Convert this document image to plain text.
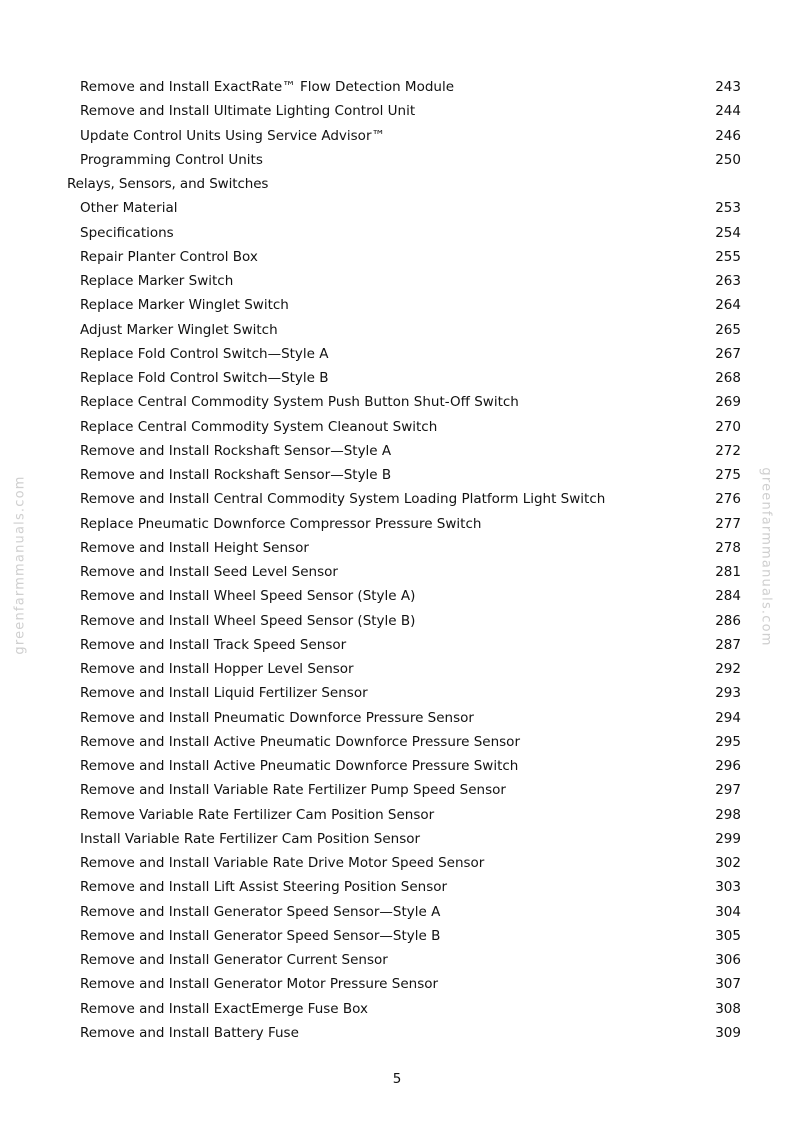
greenfarmmanuals.com	greenfarmmanuals.com
Remove and Install ExactRate™ Flow Detection Module	243
Remove and Install Ultimate Lighting Control Unit	244
Update Control Units Using Service Advisor™	246
Programming Control Units	250
Relays, Sensors, and Switches
Other Material	253
Specifications	254
Repair Planter Control Box	255
Replace Marker Switch	263
Replace Marker Winglet Switch	264
Adjust Marker Winglet Switch	265
Replace Fold Control Switch—Style A	267
Replace Fold Control Switch—Style B	268
Replace Central Commodity System Push Button Shut-Off Switch	269
Replace Central Commodity System Cleanout Switch	270
Remove and Install Rockshaft Sensor—Style A	272
Remove and Install Rockshaft Sensor—Style B	275
Remove and Install Central Commodity System Loading Platform Light Switch	276
Replace Pneumatic Downforce Compressor Pressure Switch	277
Remove and Install Height Sensor	278
Remove and Install Seed Level Sensor	281
Remove and Install Wheel Speed Sensor (Style A)	284
Remove and Install Wheel Speed Sensor (Style B)	286
Remove and Install Track Speed Sensor	287
Remove and Install Hopper Level Sensor	292
Remove and Install Liquid Fertilizer Sensor	293
Remove and Install Pneumatic Downforce Pressure Sensor	294
Remove and Install Active Pneumatic Downforce Pressure Sensor	295
Remove and Install Active Pneumatic Downforce Pressure Switch	296
Remove and Install Variable Rate Fertilizer Pump Speed Sensor	297
Remove Variable Rate Fertilizer Cam Position Sensor	298
Install Variable Rate Fertilizer Cam Position Sensor	299
Remove and Install Variable Rate Drive Motor Speed Sensor	302
Remove and Install Lift Assist Steering Position Sensor	303
Remove and Install Generator Speed Sensor—Style A	304
Remove and Install Generator Speed Sensor—Style B	305
Remove and Install Generator Current Sensor	306
Remove and Install Generator Motor Pressure Sensor	307
Remove and Install ExactEmerge Fuse Box	308
Remove and Install Battery Fuse	309
5
